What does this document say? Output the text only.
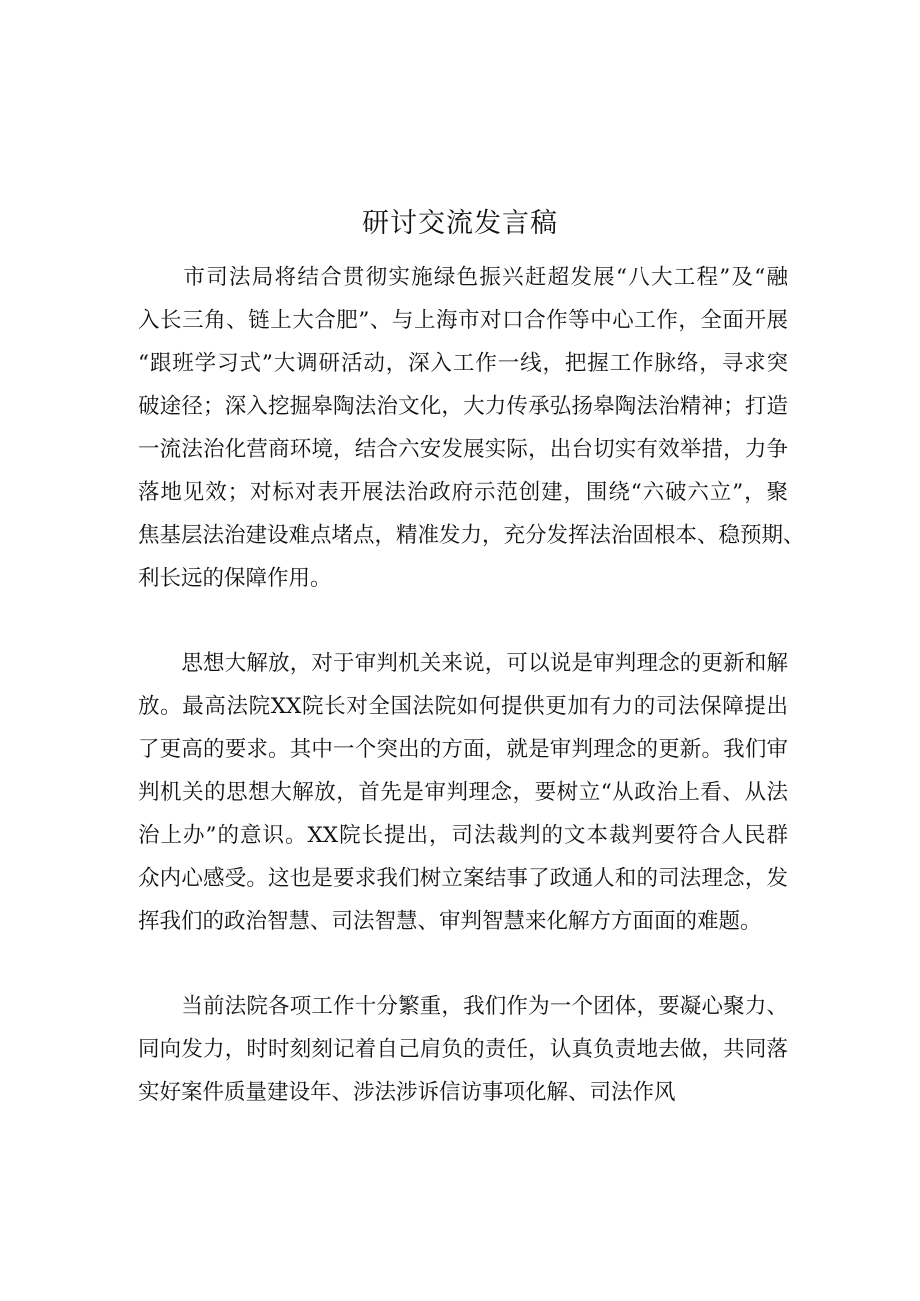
研讨交流发言稿

　　市司法局将结合贯彻实施绿色振兴赶超发展“八大工程”及“融
入长三角、链上大合肥”、与上海市对口合作等中心工作，全面开展
“跟班学习式”大调研活动，深入工作一线，把握工作脉络，寻求突
破途径；深入挖掘皋陶法治文化，大力传承弘扬皋陶法治精神；打造
一流法治化营商环境，结合六安发展实际，出台切实有效举措，力争
落地见效；对标对表开展法治政府示范创建，围绕“六破六立”，聚
焦基层法治建设难点堵点，精准发力，充分发挥法治固根本、稳预期、
利长远的保障作用。

　　思想大解放，对于审判机关来说，可以说是审判理念的更新和解
放。最高法院XX院长对全国法院如何提供更加有力的司法保障提出
了更高的要求。其中一个突出的方面，就是审判理念的更新。我们审
判机关的思想大解放，首先是审判理念，要树立“从政治上看、从法
治上办”的意识。XX院长提出，司法裁判的文本裁判要符合人民群
众内心感受。这也是要求我们树立案结事了政通人和的司法理念，发
挥我们的政治智慧、司法智慧、审判智慧来化解方方面面的难题。

　　当前法院各项工作十分繁重，我们作为一个团体，要凝心聚力、
同向发力，时时刻刻记着自己肩负的责任，认真负责地去做，共同落
实好案件质量建设年、涉法涉诉信访事项化解、司法作风
